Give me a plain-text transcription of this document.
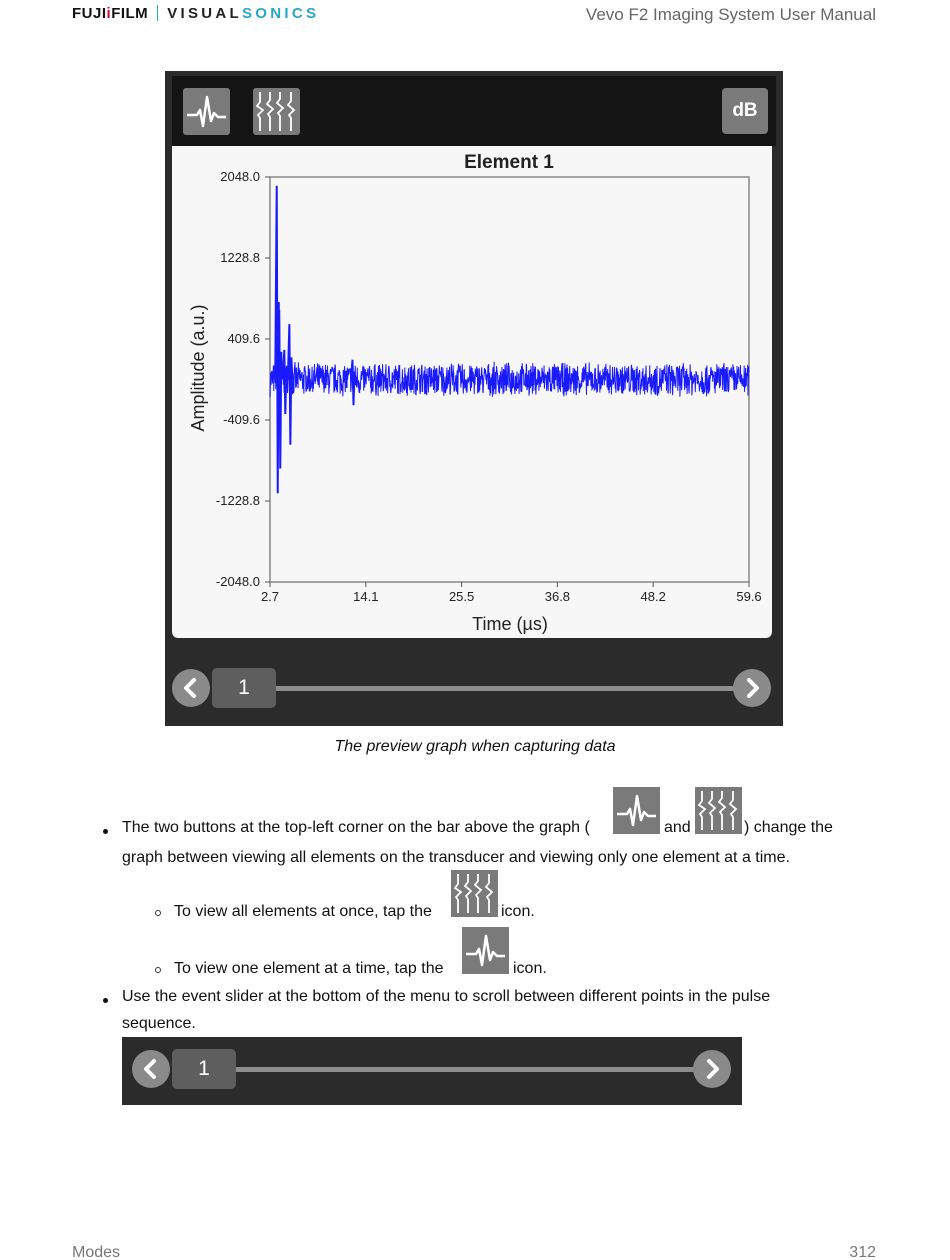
FUJIiFILM VISUALSONICS	Vevo F2 Imaging System User Manual
dB
2048.0
1228.8
409.6
-409.6
-1228.8
-2048.0
2.7	14.1	25.5	36.8	48.2	59.6
Element 1
Time (µs)
Amplitude (a.u.)
1
The preview graph when capturing data
The two buttons at the top-left corner on the bar above the graph (	and	) change the
graph between viewing all elements on the transducer and viewing only one element at a time.
To view all elements at once, tap the	icon.
To view one element at a time, tap the	icon.
Use the event slider at the bottom of the menu to scroll between different points in the pulse
sequence.
1
Modes	312
